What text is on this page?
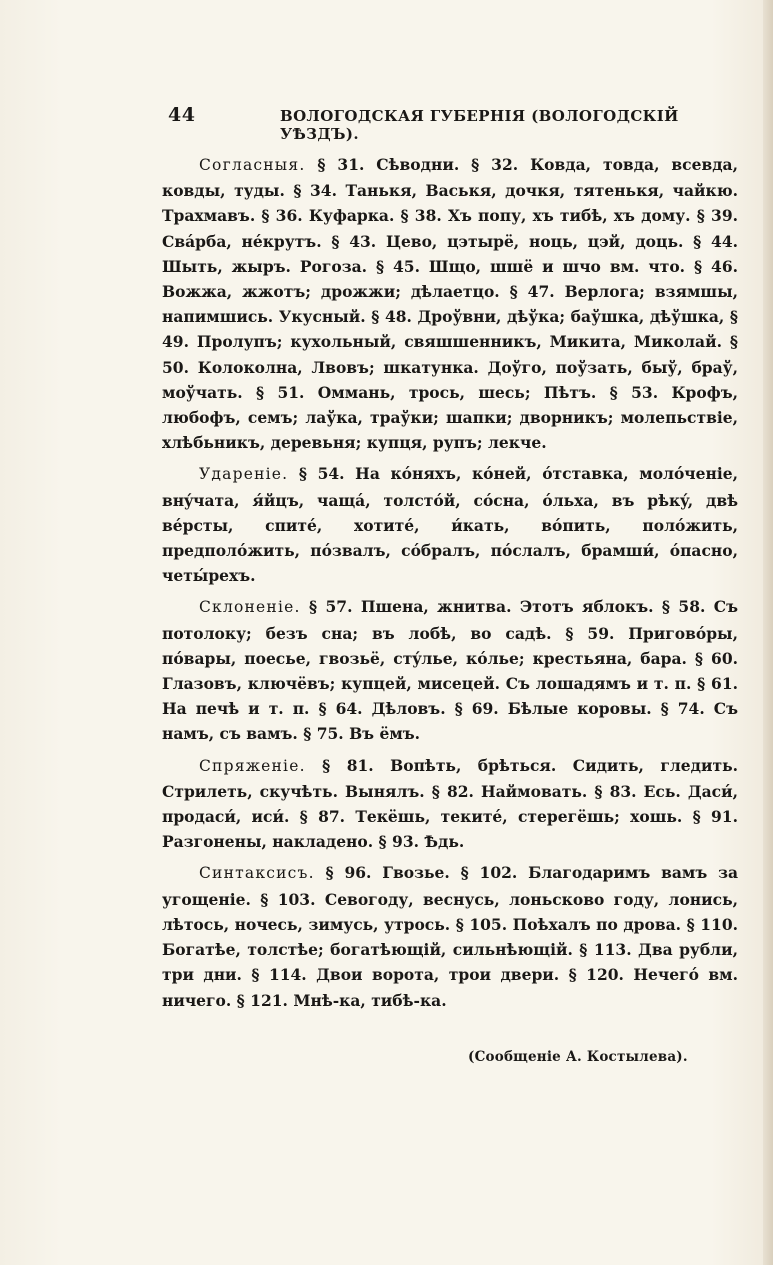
44	ВОЛОГОДСКАЯ ГУБЕРНІЯ (ВОЛОГОДСКІЙ УѢЗДЪ).

Согласныя. § 31. Сѣводни. § 32. Ковда, товда, всевда, ковды, туды. § 34. Танькя, Васькя, дочкя, тятенькя, чайкю. Трахмавъ. § 36. Куфарка. § 38. Хъ попу, хъ тибѣ, хъ дому. § 39. Свáрба, нéкрутъ. § 43. Цево, цэтырё, ноць, цэй, доць. § 44. Шыть, жыръ. Рогоза. § 45. Шщо, шшё и шчо вм. что. § 46. Вожжа, жжотъ; дрожжи; дѣлаетцо. § 47. Верлога; взямшы, напимшись. Укусный. § 48. Дроўвни, дѣўка; баўшка, дѣўшка, § 49. Пролупъ; кухольный, свяшшенникъ, Микита, Миколай. § 50. Колоколна, Лвовъ; шкатунка. Доўго, поўзать, быў, браў, моўчать. § 51. Оммань, трось, шесь; Пѣтъ. § 53. Крофъ, любофъ, семъ; лаўка, траўки; шапки; дворникъ; молепьствіе, хлѣбьникъ, деревьня; купця, рупъ; лекче.

Удареніе. § 54. На кóняхъ, кóней, óтставка, молóченіе, внýчата, я́йцъ, чащá, толстóй, сóсна, óльха, въ рѣкý, двѣ вéрсты, спитé, хотитé, и́кать, вóпить, полóжить, предполóжить, пóзвалъ, сóбралъ, пóслалъ, брамши́, óпасно, четы́рехъ.

Склоненіе. § 57. Пшена, жнитва. Этотъ яблокъ. § 58. Съ потолоку; безъ сна; въ лобѣ, во садѣ. § 59. Приговóры, пóвары, поесье, гвозьё, стýлье, кóлье; крестьяна, бара. § 60. Глазовъ, ключёвъ; купцей, мисецей. Съ лошадямъ и т. п. § 61. На печѣ и т. п. § 64. Дѣловъ. § 69. Бѣлые коровы. § 74. Съ намъ, съ вамъ. § 75. Въ ёмъ.

Спряженіе. § 81. Вопѣть, брѣться. Сидить, гледить. Стрилеть, скучѣть. Вынялъ. § 82. Наймовать. § 83. Есь. Даси́, продаси́, иси́. § 87. Текёшь, текитé, стерегёшь; хошь. § 91. Разгонены, накладено. § 93. Ѣдь.

Синтаксисъ. § 96. Гвозье. § 102. Благодаримъ вамъ за угощеніе. § 103. Севогоду, веснусь, лоньсково году, лонись, лѣтось, ночесь, зимусь, утрось. § 105. Поѣхалъ по дрова. § 110. Богатѣе, толстѣе; богатѣющій, сильнѣющій. § 113. Два рубли, три дни. § 114. Двои ворота, трои двери. § 120. Нечегó вм. ничего. § 121. Мнѣ-ка, тибѣ-ка.

(Сообщеніе А. Костылева).
